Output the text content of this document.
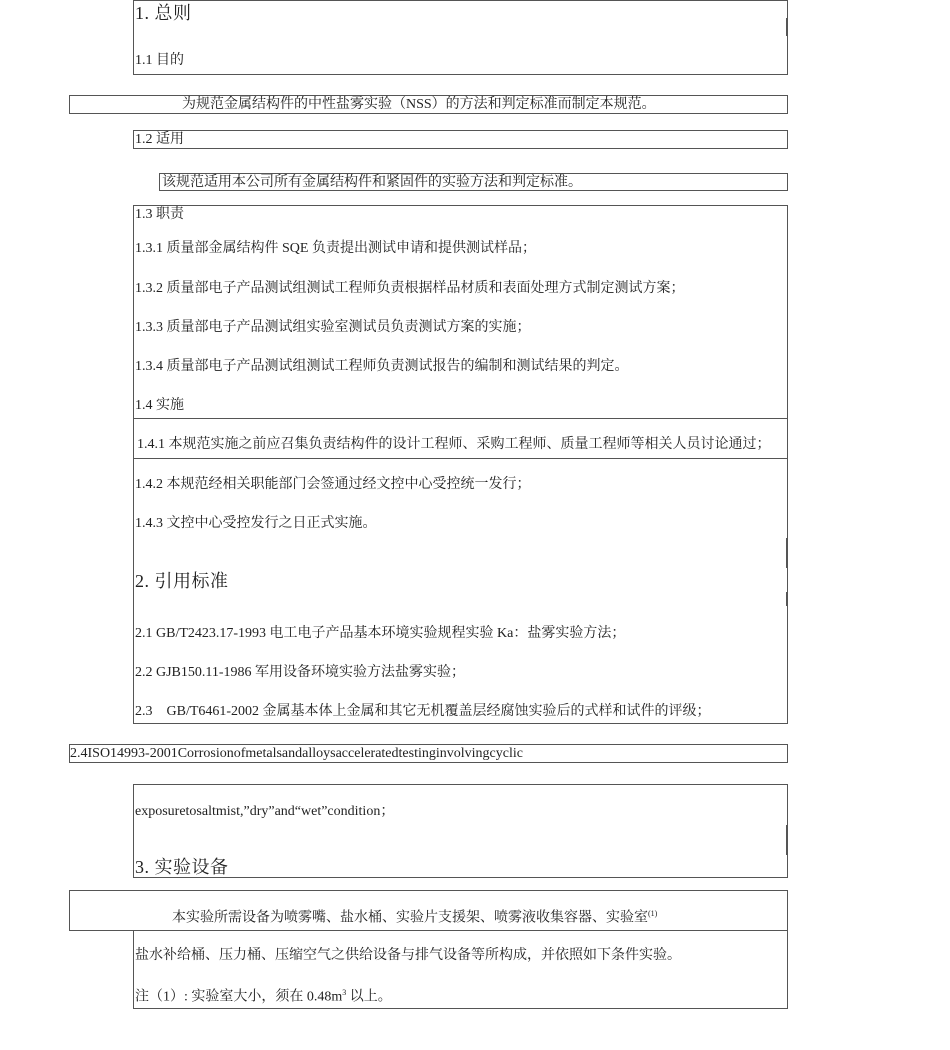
1. 总则
1.1 目的
为规范金属结构件的中性盐雾实验（NSS）的方法和判定标准而制定本规范。
1.2 适用
该规范适用本公司所有金属结构件和紧固件的实验方法和判定标准。
1.3 职责
1.3.1 质量部金属结构件 SQE 负责提出测试申请和提供测试样品；
1.3.2 质量部电子产品测试组测试工程师负责根据样品材质和表面处理方式制定测试方案；
1.3.3 质量部电子产品测试组实验室测试员负责测试方案的实施；
1.3.4 质量部电子产品测试组测试工程师负责测试报告的编制和测试结果的判定。
1.4 实施
1.4.1 本规范实施之前应召集负责结构件的设计工程师、采购工程师、质量工程师等相关人员讨论通过；
1.4.2 本规范经相关职能部门会签通过经文控中心受控统一发行；
1.4.3 文控中心受控发行之日正式实施。
2. 引用标准
2.1 GB/T2423.17-1993 电工电子产品基本环境实验规程实验 Ka：盐雾实验方法；
2.2 GJB150.11-1986 军用设备环境实验方法盐雾实验；
2.3　GB/T6461-2002 金属基本体上金属和其它无机覆盖层经腐蚀实验后的式样和试件的评级；
2.4ISO14993-2001Corrosionofmetalsandalloysacceleratedtestinginvolvingcyclic
exposuretosaltmist,”dry”and“wet”condition；
3. 实验设备
本实验所需设备为喷雾嘴、盐水桶、实验片支援架、喷雾液收集容器、实验室$^{(1)}$
盐水补给桶、压力桶、压缩空气之供给设备与排气设备等所构成，并依照如下条件实验。
注（1）: 实验室大小，须在 $0.48m^3$ 以上。
